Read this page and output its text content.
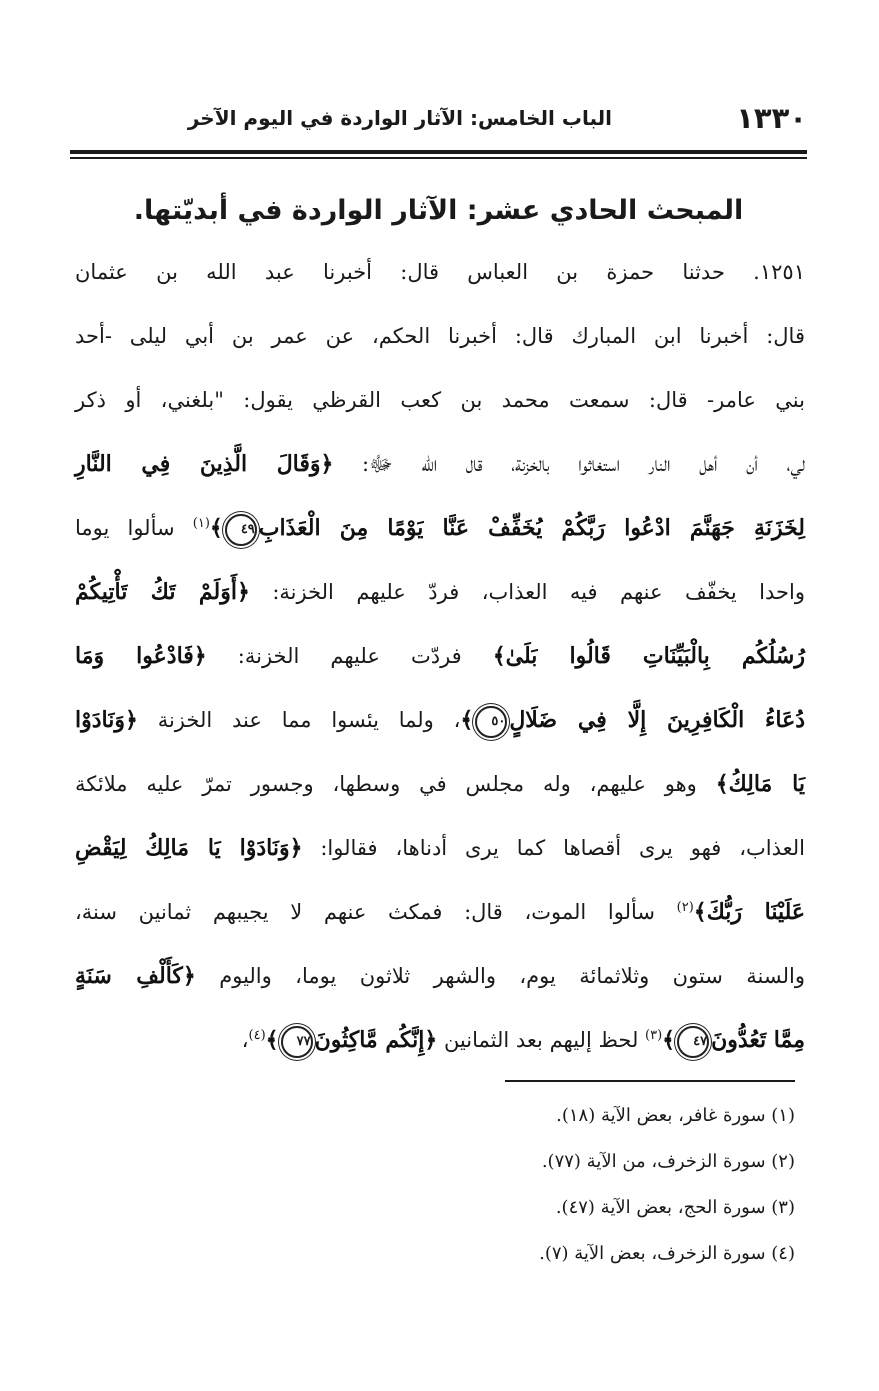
١٣٣٠
الباب الخامس: الآثار الواردة في اليوم الآخر
المبحث الحادي عشر: الآثار الواردة في أبديّتها.
١٢٥١. حدثنا حمزة بن العباس قال: أخبرنا عبد الله بن عثمان
قال: أخبرنا ابن المبارك قال: أخبرنا الحكم، عن عمر بن أبي ليلى -أحد
بني عامر- قال: سمعت محمد بن كعب القرظي يقول: "بلغني، أو ذكر
لي، أن أهل النار استغاثوا بالخزنة، قال الله ﷻ: ﴿وَقَالَ الَّذِينَ فِي النَّارِ
لِخَزَنَةِ جَهَنَّمَ ادْعُوا رَبَّكُمْ يُخَفِّفْ عَنَّا يَوْمًا مِنَ الْعَذَابِ٤٩﴾$^{(١)}$ سألوا يوما
واحدا يخفّف عنهم فيه العذاب، فردّ عليهم الخزنة: ﴿أَوَلَمْ تَكُ تَأْتِيكُمْ
رُسُلُكُم بِالْبَيِّنَاتِ قَالُوا بَلَىٰ﴾ فردّت عليهم الخزنة: ﴿فَادْعُوا وَمَا
دُعَاءُ الْكَافِرِينَ إِلَّا فِي ضَلَالٍ٥٠﴾، ولما يئسوا مما عند الخزنة ﴿وَنَادَوْا
يَا مَالِكُ﴾ وهو عليهم، وله مجلس في وسطها، وجسور تمرّ عليه ملائكة
العذاب، فهو يرى أقصاها كما يرى أدناها، فقالوا: ﴿وَنَادَوْا يَا مَالِكُ لِيَقْضِ
عَلَيْنَا رَبُّكَ﴾$^{(٢)}$ سألوا الموت، قال: فمكث عنهم لا يجيبهم ثمانين سنة،
والسنة ستون وثلاثمائة يوم، والشهر ثلاثون يوما، واليوم ﴿كَأَلْفِ سَنَةٍ
مِمَّا تَعُدُّونَ٤٧﴾$^{(٣)}$ لحظ إليهم بعد الثمانين ﴿إِنَّكُم مَّاكِثُونَ٧٧﴾$^{(٤)}$،
(١) سورة غافر، بعض الآية (١٨).
(٢) سورة الزخرف، من الآية (٧٧).
(٣) سورة الحج، بعض الآية (٤٧).
(٤) سورة الزخرف، بعض الآية (٧).
